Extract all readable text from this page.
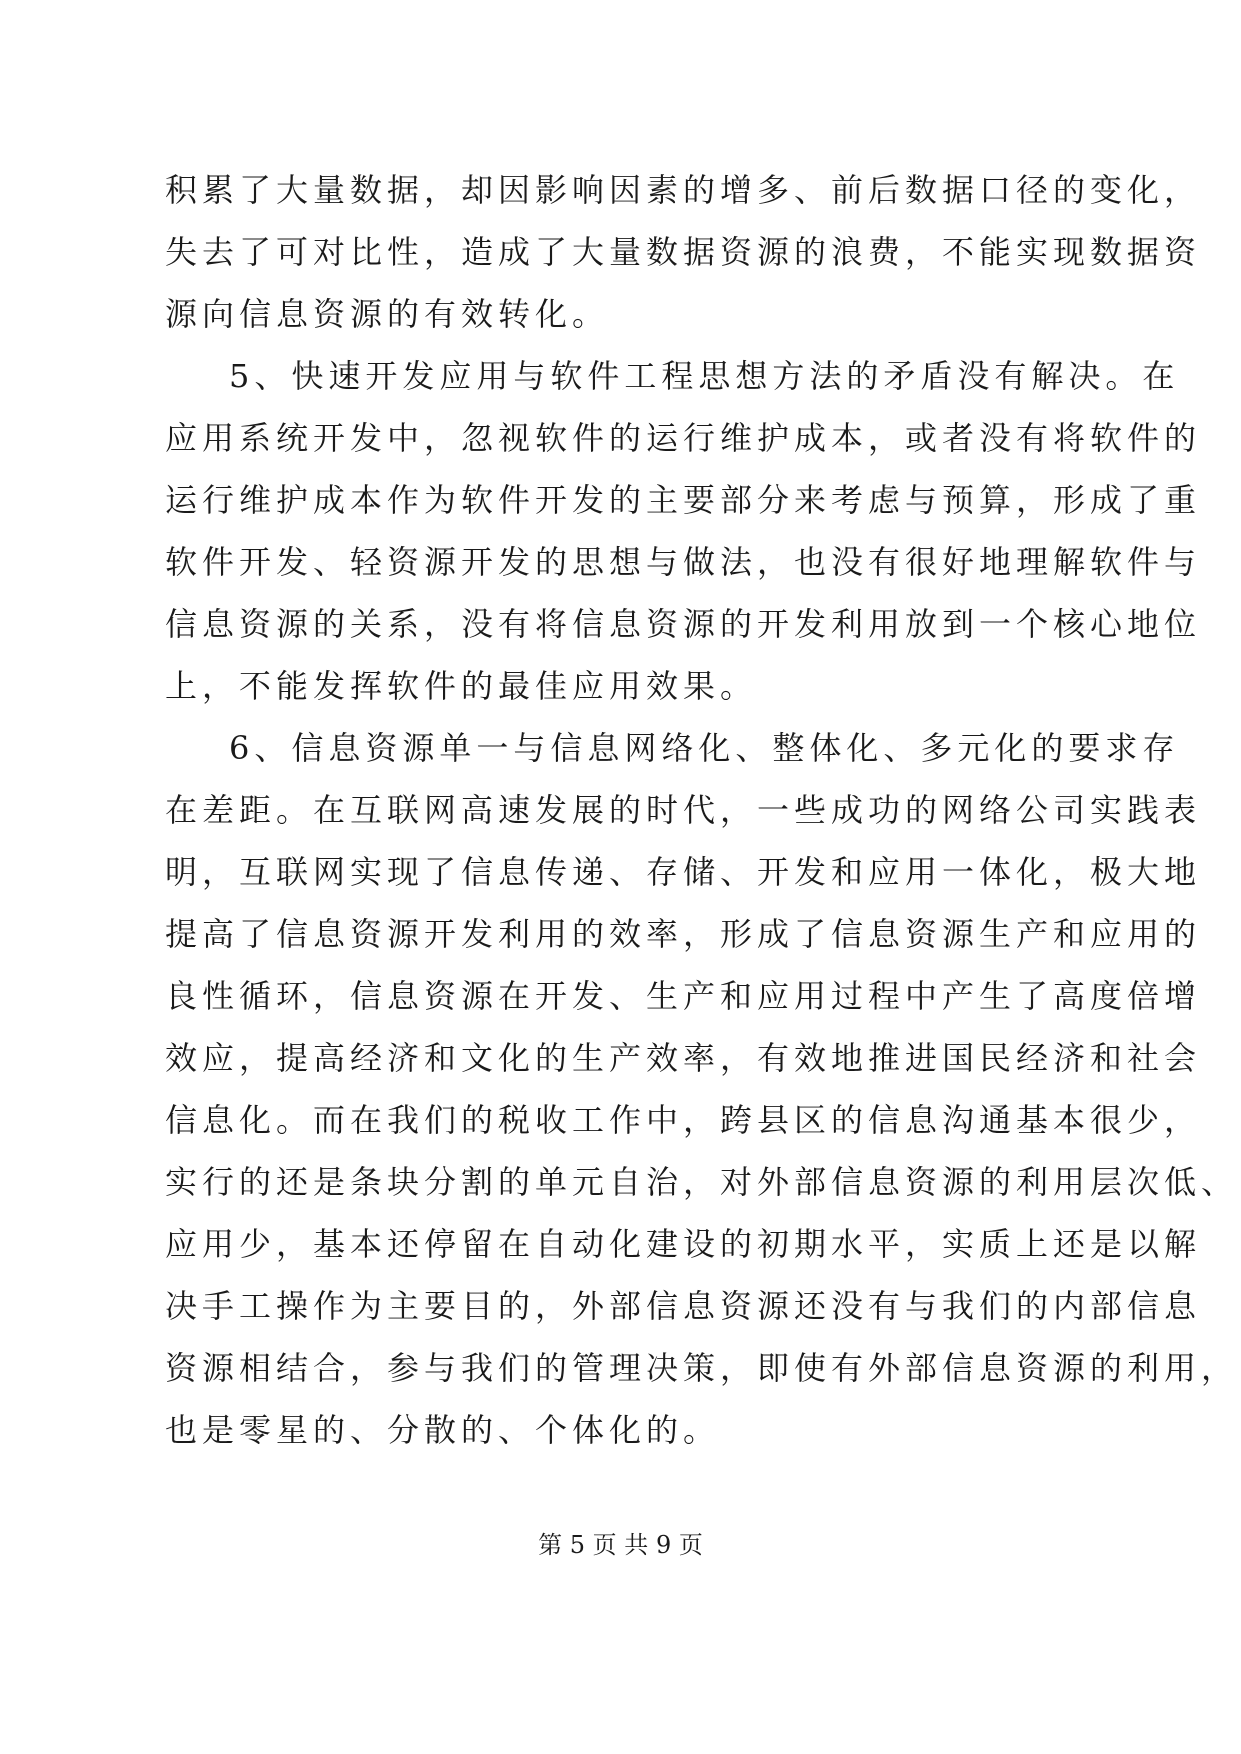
积累了大量数据，却因影响因素的增多、前后数据口径的变化，
失去了可对比性，造成了大量数据资源的浪费，不能实现数据资
源向信息资源的有效转化。
5、快速开发应用与软件工程思想方法的矛盾没有解决。在
应用系统开发中，忽视软件的运行维护成本，或者没有将软件的
运行维护成本作为软件开发的主要部分来考虑与预算，形成了重
软件开发、轻资源开发的思想与做法，也没有很好地理解软件与
信息资源的关系，没有将信息资源的开发利用放到一个核心地位
上，不能发挥软件的最佳应用效果。
6、信息资源单一与信息网络化、整体化、多元化的要求存
在差距。在互联网高速发展的时代，一些成功的网络公司实践表
明，互联网实现了信息传递、存储、开发和应用一体化，极大地
提高了信息资源开发利用的效率，形成了信息资源生产和应用的
良性循环，信息资源在开发、生产和应用过程中产生了高度倍增
效应，提高经济和文化的生产效率，有效地推进国民经济和社会
信息化。而在我们的税收工作中，跨县区的信息沟通基本很少，
实行的还是条块分割的单元自治，对外部信息资源的利用层次低、
应用少，基本还停留在自动化建设的初期水平，实质上还是以解
决手工操作为主要目的，外部信息资源还没有与我们的内部信息
资源相结合，参与我们的管理决策，即使有外部信息资源的利用，
也是零星的、分散的、个体化的。
第 5 页 共 9 页
